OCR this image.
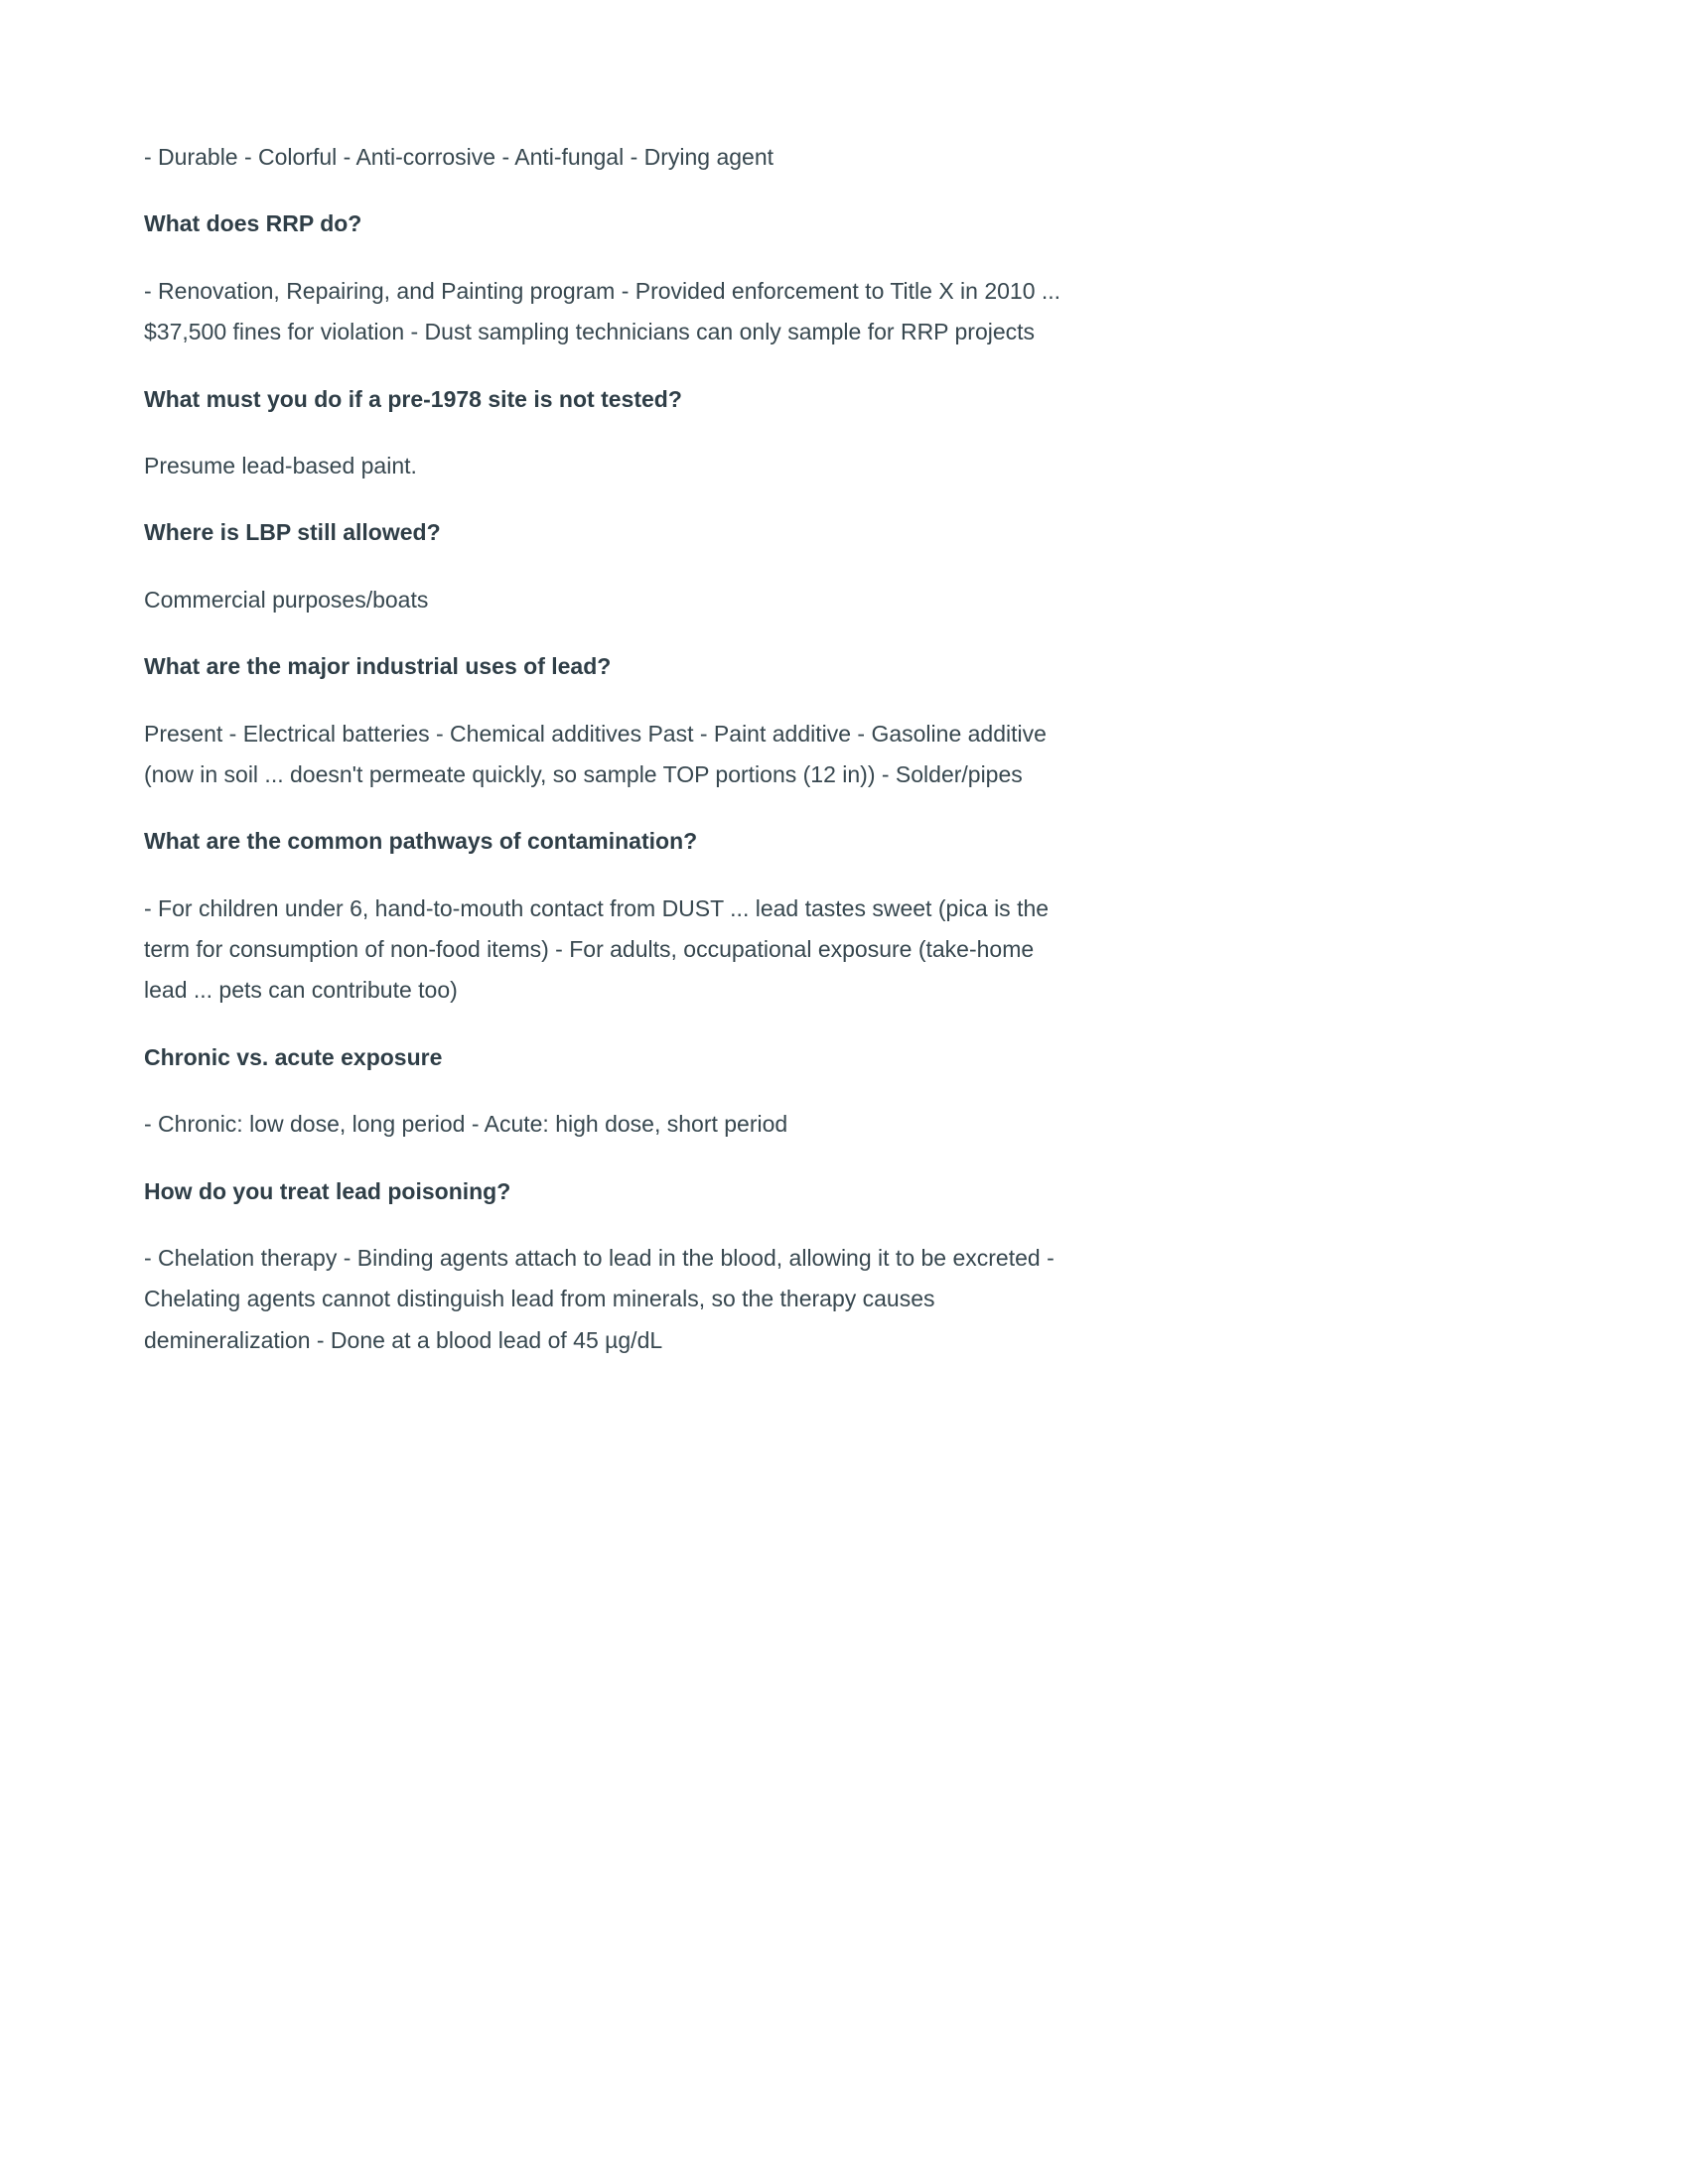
- Durable - Colorful - Anti-corrosive - Anti-fungal - Drying agent

What does RRP do?

- Renovation, Repairing, and Painting program - Provided enforcement to Title X in 2010 ... $37,500 fines for violation - Dust sampling technicians can only sample for RRP projects

What must you do if a pre-1978 site is not tested?

Presume lead-based paint.

Where is LBP still allowed?

Commercial purposes/boats

What are the major industrial uses of lead?

Present - Electrical batteries - Chemical additives Past - Paint additive - Gasoline additive (now in soil ... doesn't permeate quickly, so sample TOP portions (12 in)) - Solder/pipes

What are the common pathways of contamination?

- For children under 6, hand-to-mouth contact from DUST ... lead tastes sweet (pica is the term for consumption of non-food items) - For adults, occupational exposure (take-home lead ... pets can contribute too)

Chronic vs. acute exposure

- Chronic: low dose, long period - Acute: high dose, short period

How do you treat lead poisoning?

- Chelation therapy - Binding agents attach to lead in the blood, allowing it to be excreted - Chelating agents cannot distinguish lead from minerals, so the therapy causes demineralization - Done at a blood lead of 45 µg/dL
